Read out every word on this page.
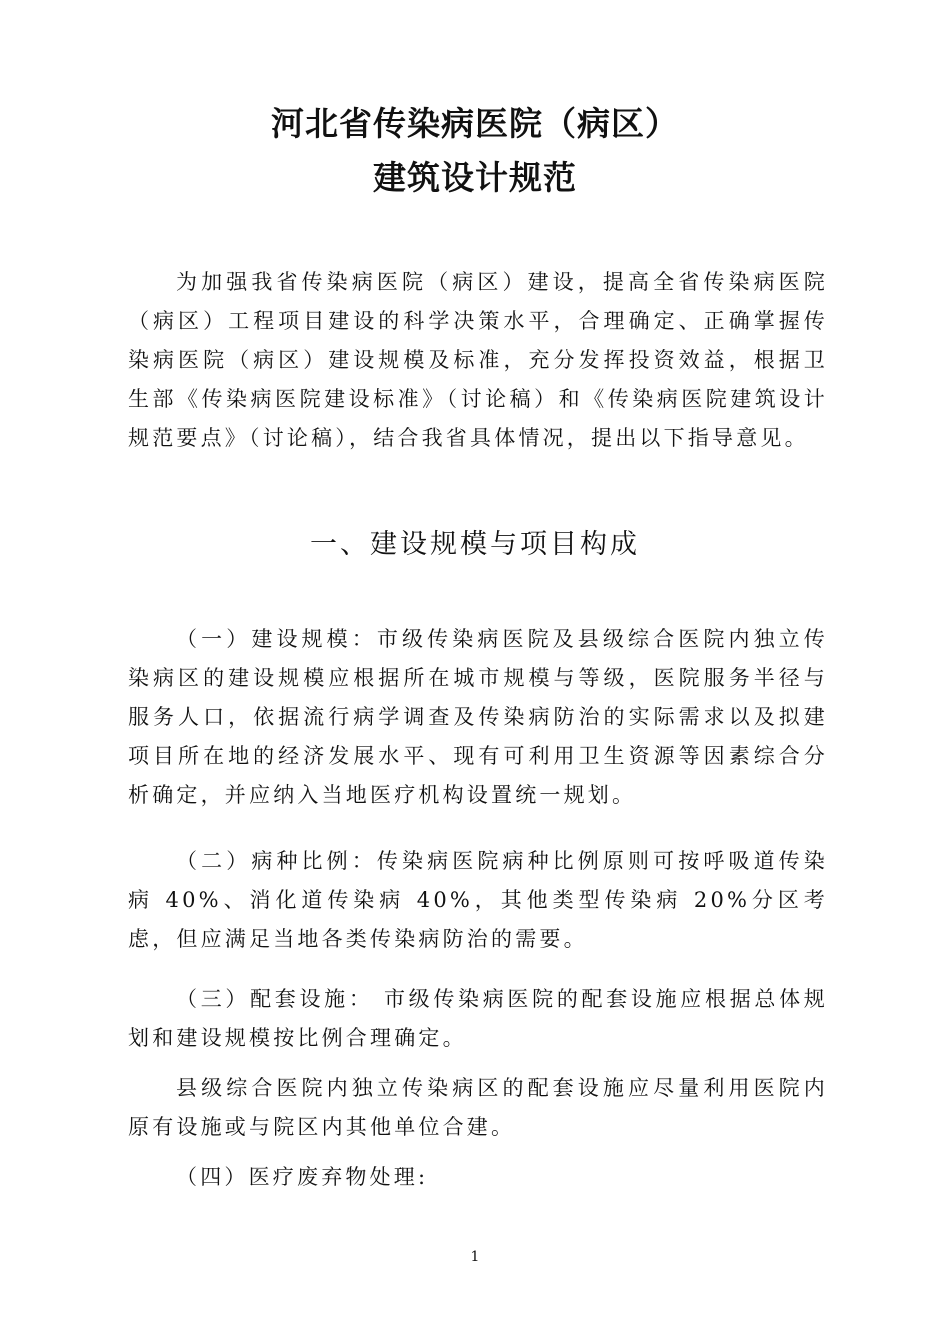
河北省传染病医院（病区）
建筑设计规范

为加强我省传染病医院（病区）建设，提高全省传染病医院（病区）工程项目建设的科学决策水平，合理确定、正确掌握传染病医院（病区）建设规模及标准，充分发挥投资效益，根据卫生部《传染病医院建设标准》（讨论稿）和《传染病医院建筑设计规范要点》（讨论稿），结合我省具体情况，提出以下指导意见。

一、建设规模与项目构成

（一）建设规模：市级传染病医院及县级综合医院内独立传染病区的建设规模应根据所在城市规模与等级，医院服务半径与服务人口，依据流行病学调查及传染病防治的实际需求以及拟建项目所在地的经济发展水平、现有可利用卫生资源等因素综合分析确定，并应纳入当地医疗机构设置统一规划。

（二）病种比例：传染病医院病种比例原则可按呼吸道传染病 40%、消化道传染病 40%，其他类型传染病 20%分区考虑，但应满足当地各类传染病防治的需要。

（三）配套设施： 市级传染病医院的配套设施应根据总体规划和建设规模按比例合理确定。

县级综合医院内独立传染病区的配套设施应尽量利用医院内原有设施或与院区内其他单位合建。

（四）医疗废弃物处理:

1
